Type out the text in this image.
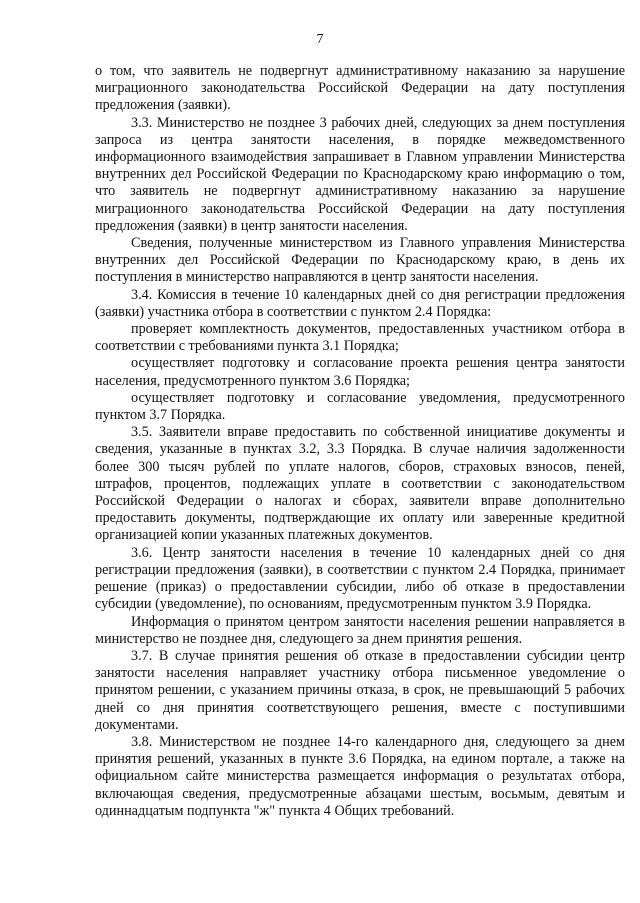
7

о том, что заявитель не подвергнут административному наказанию за нарушение миграционного законодательства Российской Федерации на дату поступления предложения (заявки).

3.3. Министерство не позднее 3 рабочих дней, следующих за днем поступления запроса из центра занятости населения, в порядке межведомственного информационного взаимодействия запрашивает в Главном управлении Министерства внутренних дел Российской Федерации по Краснодарскому краю информацию о том, что заявитель не подвергнут административному наказанию за нарушение миграционного законодательства Российской Федерации на дату поступления предложения (заявки) в центр занятости населения.

Сведения, полученные министерством из Главного управления Министерства внутренних дел Российской Федерации по Краснодарскому краю, в день их поступления в министерство направляются в центр занятости населения.

3.4. Комиссия в течение 10 календарных дней со дня регистрации предложения (заявки) участника отбора в соответствии с пунктом 2.4 Порядка:

проверяет комплектность документов, предоставленных участником отбора в соответствии с требованиями пункта 3.1 Порядка;

осуществляет подготовку и согласование проекта решения центра занятости населения, предусмотренного пунктом 3.6 Порядка;

осуществляет подготовку и согласование уведомления, предусмотренного пунктом 3.7 Порядка.

3.5. Заявители вправе предоставить по собственной инициативе документы и сведения, указанные в пунктах 3.2, 3.3 Порядка. В случае наличия задолженности более 300 тысяч рублей по уплате налогов, сборов, страховых взносов, пеней, штрафов, процентов, подлежащих уплате в соответствии с законодательством Российской Федерации о налогах и сборах, заявители вправе дополнительно предоставить документы, подтверждающие их оплату или заверенные кредитной организацией копии указанных платежных документов.

3.6. Центр занятости населения в течение 10 календарных дней со дня регистрации предложения (заявки), в соответствии с пунктом 2.4 Порядка, принимает решение (приказ) о предоставлении субсидии, либо об отказе в предоставлении субсидии (уведомление), по основаниям, предусмотренным пунктом 3.9 Порядка.

Информация о принятом центром занятости населения решении направляется в министерство не позднее дня, следующего за днем принятия решения.

3.7. В случае принятия решения об отказе в предоставлении субсидии центр занятости населения направляет участнику отбора письменное уведомление о принятом решении, с указанием причины отказа, в срок, не превышающий 5 рабочих дней со дня принятия соответствующего решения, вместе с поступившими документами.

3.8. Министерством не позднее 14-го календарного дня, следующего за днем принятия решений, указанных в пункте 3.6 Порядка, на едином портале, а также на официальном сайте министерства размещается информация о результатах отбора, включающая сведения, предусмотренные абзацами шестым, восьмым, девятым и одиннадцатым подпункта "ж" пункта 4 Общих требований.
